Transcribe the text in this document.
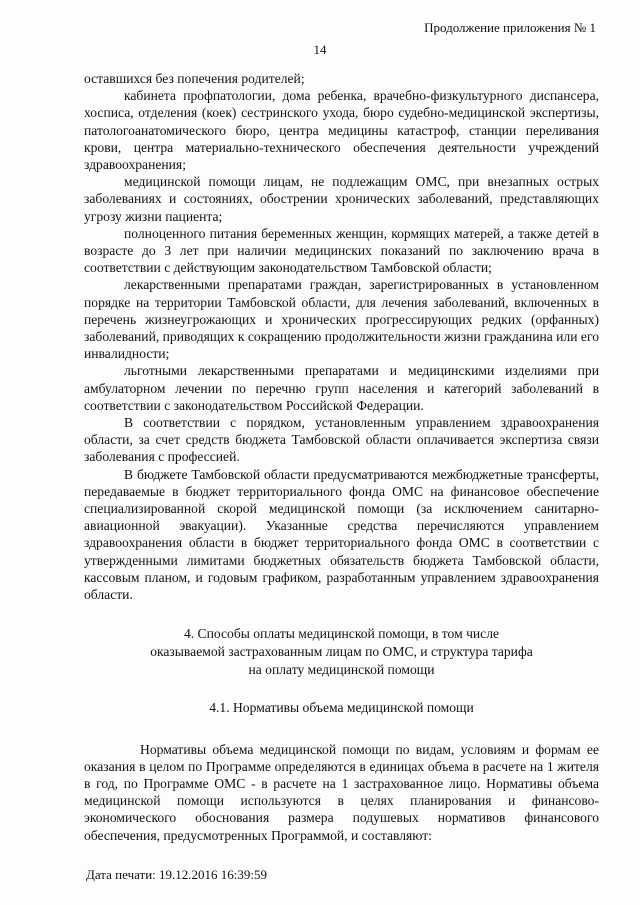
Продолжение приложения № 1
14

оставшихся без попечения родителей;

кабинета профпатологии, дома ребенка, врачебно-физкультурного диспансера, хосписа, отделения (коек) сестринского ухода, бюро судебно-медицинской экспертизы, патологоанатомического бюро, центра медицины катастроф, станции переливания крови, центра материально-технического обеспечения деятельности учреждений здравоохранения;

медицинской помощи лицам, не подлежащим ОМС, при внезапных острых заболеваниях и состояниях, обострении хронических заболеваний, представляющих угрозу жизни пациента;

полноценного питания беременных женщин, кормящих матерей, а также детей в возрасте до 3 лет при наличии медицинских показаний по заключению врача в соответствии с действующим законодательством Тамбовской области;

лекарственными препаратами граждан, зарегистрированных в установленном порядке на территории Тамбовской области, для лечения заболеваний, включенных в перечень жизнеугрожающих и хронических прогрессирующих редких (орфанных) заболеваний, приводящих к сокращению продолжительности жизни гражданина или его инвалидности;

льготными лекарственными препаратами и медицинскими изделиями при амбулаторном лечении по перечню групп населения и категорий заболеваний в соответствии с законодательством Российской Федерации.

В соответствии с порядком, установленным управлением здравоохранения области, за счет средств бюджета Тамбовской области оплачивается экспертиза связи заболевания с профессией.

В бюджете Тамбовской области предусматриваются межбюджетные трансферты, передаваемые в бюджет территориального фонда ОМС на финансовое обеспечение специализированной скорой медицинской помощи (за исключением санитарно-авиационной эвакуации). Указанные средства перечисляются управлением здравоохранения области в бюджет территориального фонда ОМС в соответствии с утвержденными лимитами бюджетных обязательств бюджета Тамбовской области, кассовым планом, и годовым графиком, разработанным управлением здравоохранения области.

4. Способы оплаты медицинской помощи, в том числе
оказываемой застрахованным лицам по ОМС, и структура тарифа
на оплату медицинской помощи

4.1. Нормативы объема медицинской помощи

Нормативы объема медицинской помощи по видам, условиям и формам ее оказания в целом по Программе определяются в единицах объема в расчете на 1 жителя в год, по Программе ОМС - в расчете на 1 застрахованное лицо. Нормативы объема медицинской помощи используются в целях планирования и финансово-экономического обоснования размера подушевых нормативов финансового обеспечения, предусмотренных Программой, и составляют:

Дата печати: 19.12.2016 16:39:59
